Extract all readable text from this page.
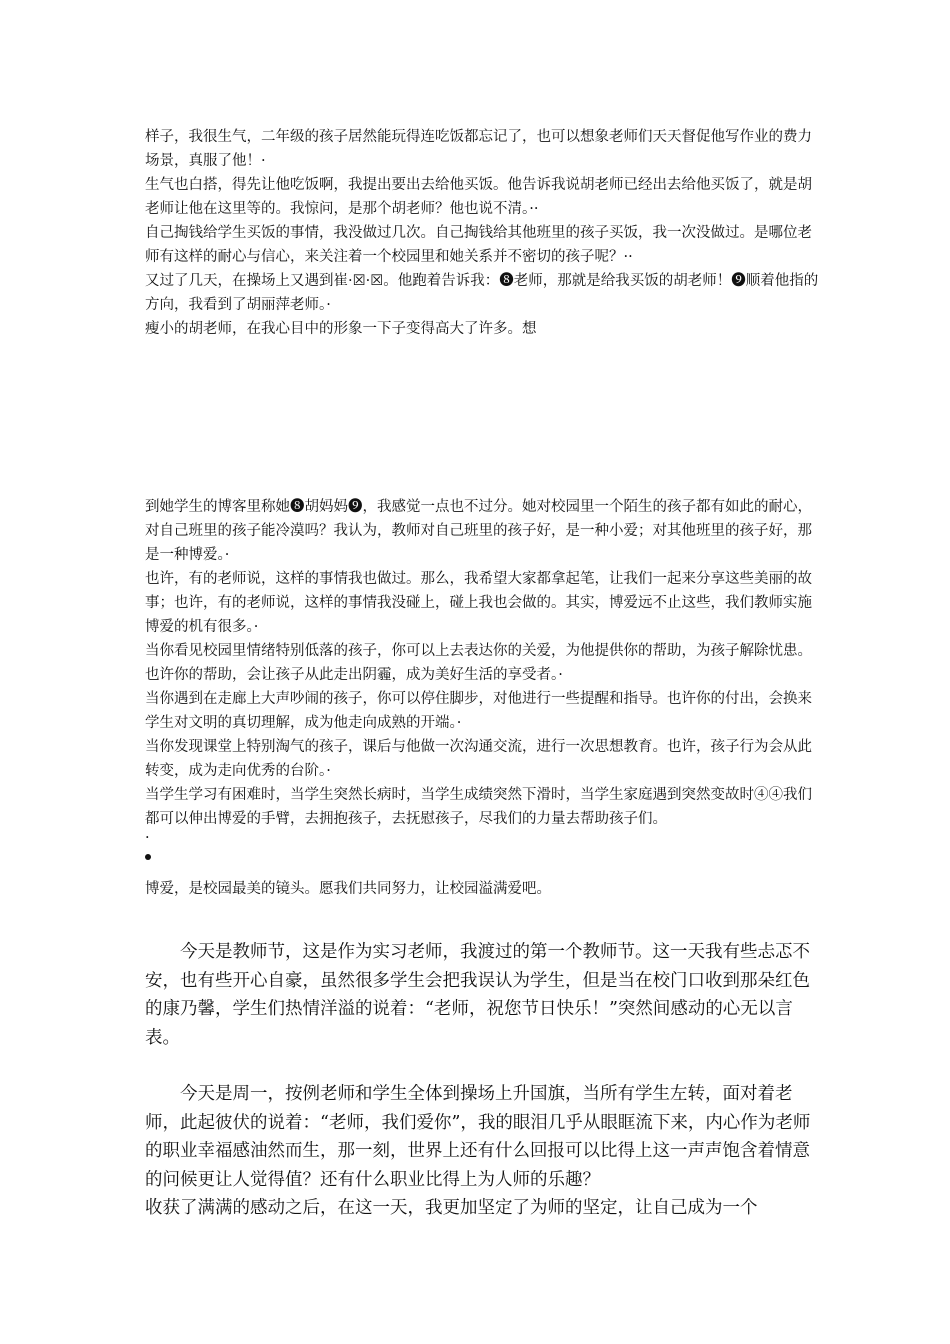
样子，我很生气，二年级的孩子居然能玩得连吃饭都忘记了，也可以想象老师们天天督促他写作业的费力场景，真服了他！·

生气也白搭，得先让他吃饭啊，我提出要出去给他买饭。他告诉我说胡老师已经出去给他买饭了，就是胡老师让他在这里等的。我惊问，是那个胡老师？他也说不清。··

自己掏钱给学生买饭的事情，我没做过几次。自己掏钱给其他班里的孩子买饭，我一次没做过。是哪位老师有这样的耐心与信心，来关注着一个校园里和她关系并不密切的孩子呢？··

又过了几天，在操场上又遇到崔·☒·☒。他跑着告诉我：❽老师，那就是给我买饭的胡老师！❾顺着他指的方向，我看到了胡丽萍老师。·

瘦小的胡老师，在我心目中的形象一下子变得高大了许多。想

到她学生的博客里称她❽胡妈妈❾，我感觉一点也不过分。她对校园里一个陌生的孩子都有如此的耐心，对自己班里的孩子能冷漠吗？我认为，教师对自己班里的孩子好，是一种小爱；对其他班里的孩子好，那是一种博爱。·

也许，有的老师说，这样的事情我也做过。那么，我希望大家都拿起笔，让我们一起来分享这些美丽的故事；也许，有的老师说，这样的事情我没碰上，碰上我也会做的。其实，博爱远不止这些，我们教师实施博爱的机有很多。·

当你看见校园里情绪特别低落的孩子，你可以上去表达你的关爱，为他提供你的帮助，为孩子解除忧患。也许你的帮助，会让孩子从此走出阴霾，成为美好生活的享受者。·

当你遇到在走廊上大声吵闹的孩子，你可以停住脚步，对他进行一些提醒和指导。也许你的付出，会换来学生对文明的真切理解，成为他走向成熟的开端。·

当你发现课堂上特别淘气的孩子，课后与他做一次沟通交流，进行一次思想教育。也许，孩子行为会从此转变，成为走向优秀的台阶。·

当学生学习有困难时，当学生突然长病时，当学生成绩突然下滑时，当学生家庭遇到突然变故时④④我们都可以伸出博爱的手臂，去拥抱孩子，去抚慰孩子，尽我们的力量去帮助孩子们。

·

博爱，是校园最美的镜头。愿我们共同努力，让校园溢满爱吧。

今天是教师节，这是作为实习老师，我渡过的第一个教师节。这一天我有些忐忑不安，也有些开心自豪，虽然很多学生会把我误认为学生，但是当在校门口收到那朵红色的康乃馨，学生们热情洋溢的说着：“老师，祝您节日快乐！”突然间感动的心无以言表。

今天是周一，按例老师和学生全体到操场上升国旗，当所有学生左转，面对着老师，此起彼伏的说着：“老师，我们爱你”，我的眼泪几乎从眼眶流下来，内心作为老师的职业幸福感油然而生，那一刻，世界上还有什么回报可以比得上这一声声饱含着情意的问候更让人觉得值？还有什么职业比得上为人师的乐趣？

收获了满满的感动之后，在这一天，我更加坚定了为师的坚定，让自己成为一个
